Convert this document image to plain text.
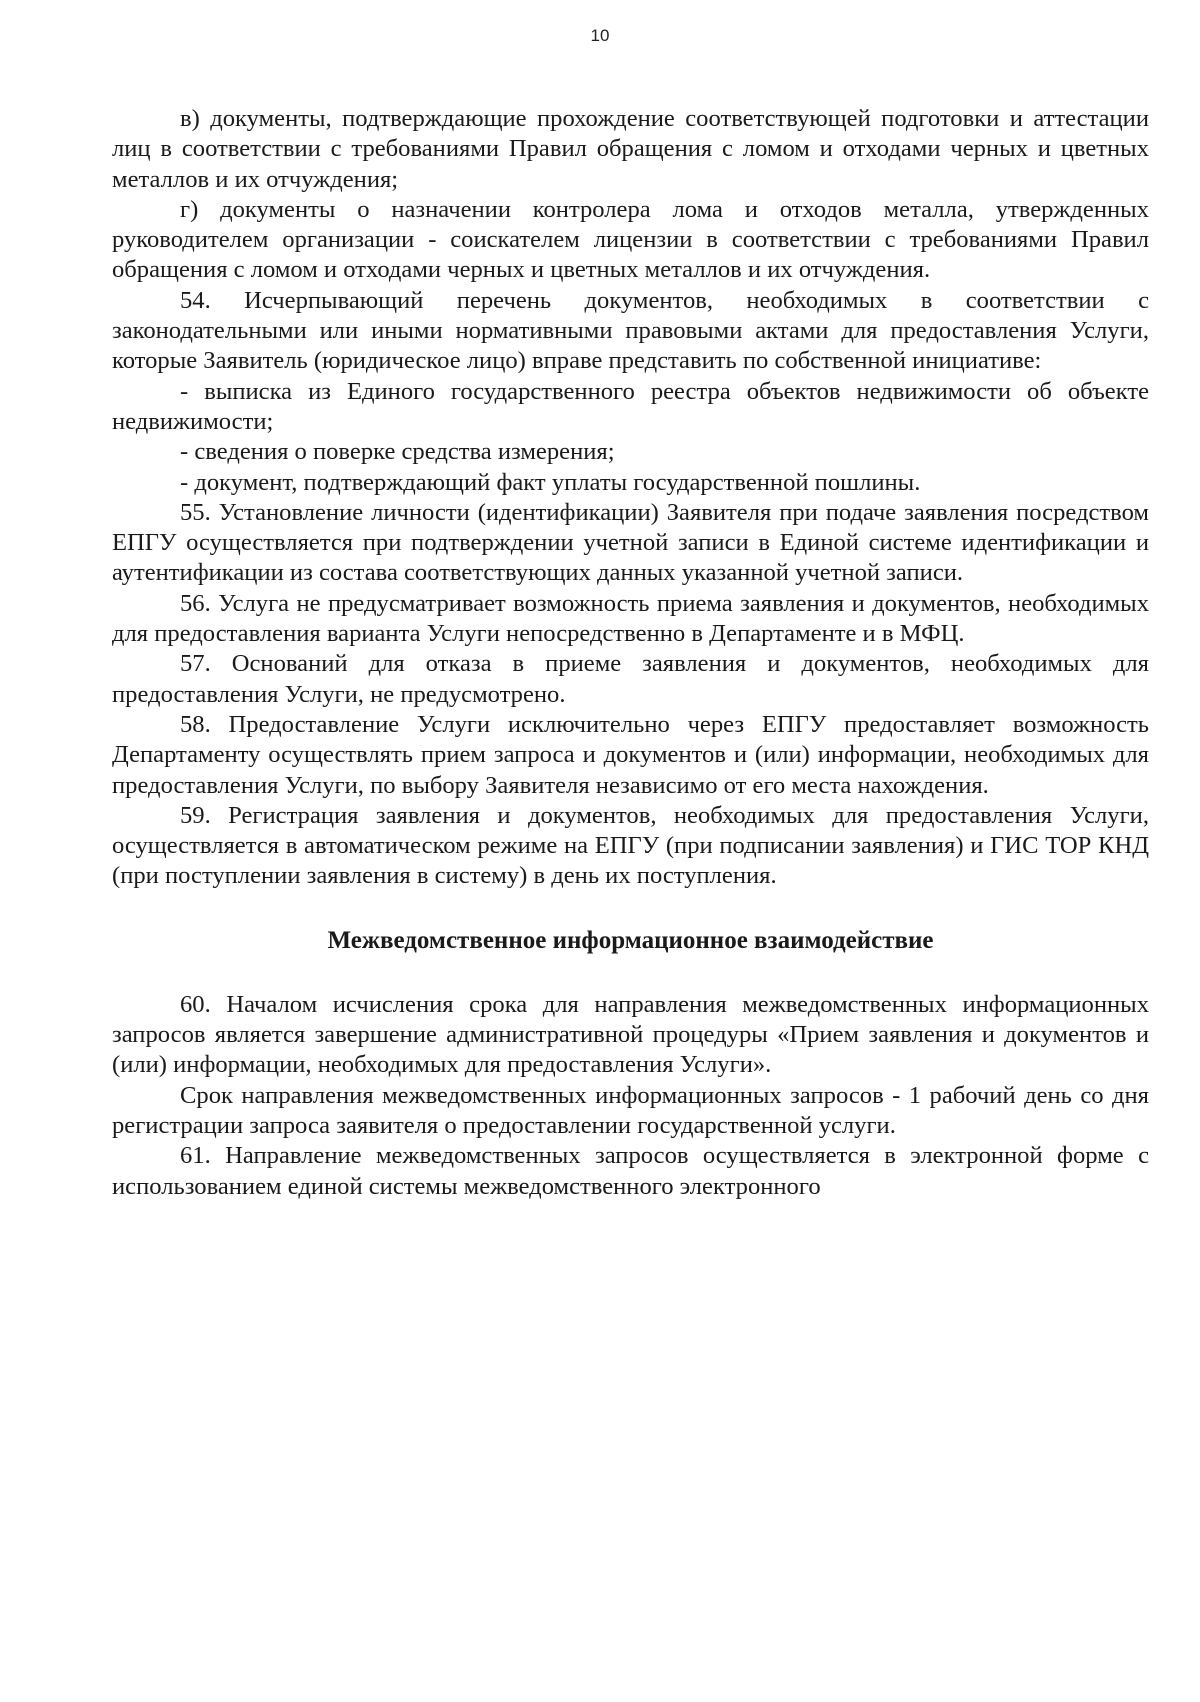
10

в) документы, подтверждающие прохождение соответствующей подготовки и аттестации лиц в соответствии с требованиями Правил обращения с ломом и отходами черных и цветных металлов и их отчуждения;

г) документы о назначении контролера лома и отходов металла, утвержденных руководителем организации - соискателем лицензии в соответствии с требованиями Правил обращения с ломом и отходами черных и цветных металлов и их отчуждения.

54. Исчерпывающий перечень документов, необходимых в соответствии с законодательными или иными нормативными правовыми актами для предоставления Услуги, которые Заявитель (юридическое лицо) вправе представить по собственной инициативе:

- выписка из Единого государственного реестра объектов недвижимости об объекте недвижимости;

- сведения о поверке средства измерения;

- документ, подтверждающий факт уплаты государственной пошлины.

55. Установление личности (идентификации) Заявителя при подаче заявления посредством ЕПГУ осуществляется при подтверждении учетной записи в Единой системе идентификации и аутентификации из состава соответствующих данных указанной учетной записи.

56. Услуга не предусматривает возможность приема заявления и документов, необходимых для предоставления варианта Услуги непосредственно в Департаменте и в МФЦ.

57. Оснований для отказа в приеме заявления и документов, необходимых для предоставления Услуги, не предусмотрено.

58. Предоставление Услуги исключительно через ЕПГУ предоставляет возможность Департаменту осуществлять прием запроса и документов и (или) информации, необходимых для предоставления Услуги, по выбору Заявителя независимо от его места нахождения.

59. Регистрация заявления и документов, необходимых для предоставления Услуги, осуществляется в автоматическом режиме на ЕПГУ (при подписании заявления) и ГИС ТОР КНД (при поступлении заявления в систему) в день их поступления.

Межведомственное информационное взаимодействие

60. Началом исчисления срока для направления межведомственных информационных запросов является завершение административной процедуры «Прием заявления и документов и (или) информации, необходимых для предоставления Услуги».

Срок направления межведомственных информационных запросов - 1 рабочий день со дня регистрации запроса заявителя о предоставлении государственной услуги.

61. Направление межведомственных запросов осуществляется в электронной форме с использованием единой системы межведомственного электронного
